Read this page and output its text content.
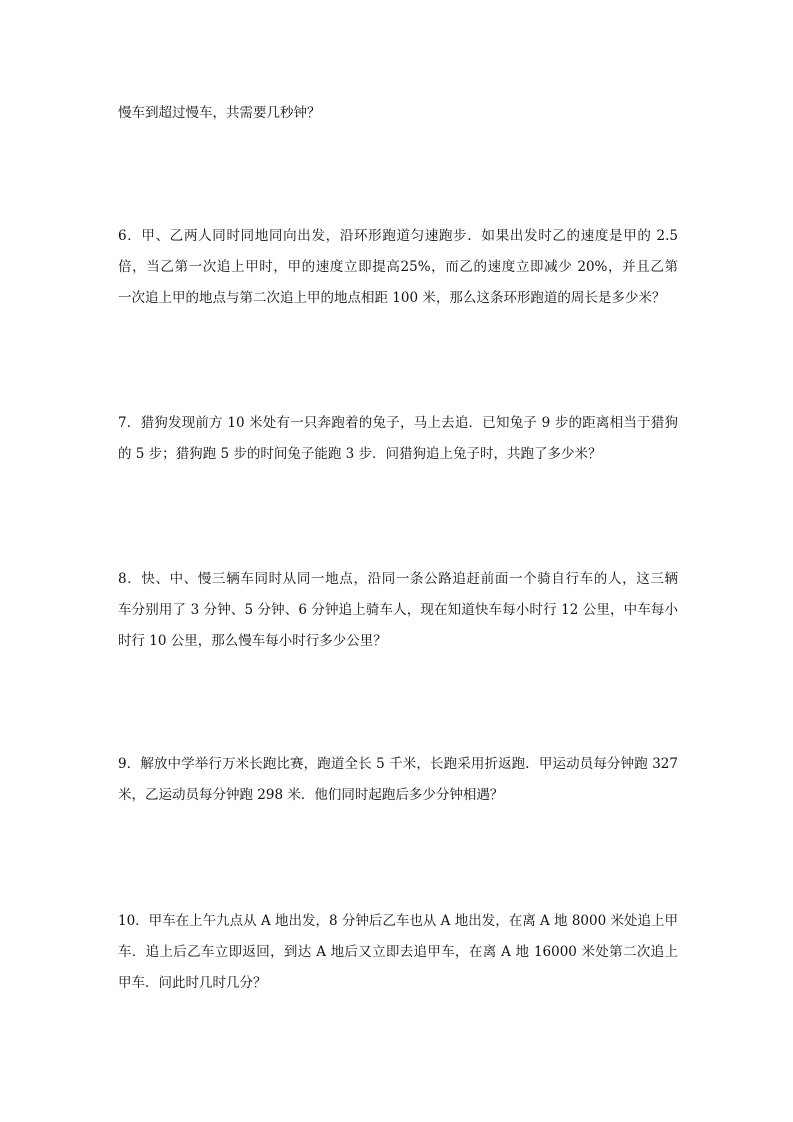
慢车到超过慢车，共需要几秒钟？

6．甲、乙两人同时同地同向出发，沿环形跑道匀速跑步．如果出发时乙的速度是甲的 2.5
倍，当乙第一次追上甲时，甲的速度立即提高25%，而乙的速度立即减少 20%，并且乙第
一次追上甲的地点与第二次追上甲的地点相距 100 米，那么这条环形跑道的周长是多少米？

7．猎狗发现前方 10 米处有一只奔跑着的兔子，马上去追．已知兔子 9 步的距离相当于猎狗
的 5 步；猎狗跑 5 步的时间兔子能跑 3 步．问猎狗追上兔子时，共跑了多少米？

8．快、中、慢三辆车同时从同一地点，沿同一条公路追赶前面一个骑自行车的人，这三辆
车分别用了 3 分钟、5 分钟、6 分钟追上骑车人，现在知道快车每小时行 12 公里，中车每小
时行 10 公里，那么慢车每小时行多少公里？

9．解放中学举行万米长跑比赛，跑道全长 5 千米，长跑采用折返跑．甲运动员每分钟跑 327
米，乙运动员每分钟跑 298 米．他们同时起跑后多少分钟相遇？

10．甲车在上午九点从 A 地出发，8 分钟后乙车也从 A 地出发，在离 A 地 8000 米处追上甲
车．追上后乙车立即返回，到达 A 地后又立即去追甲车，在离 A 地 16000 米处第二次追上
甲车．问此时几时几分？
